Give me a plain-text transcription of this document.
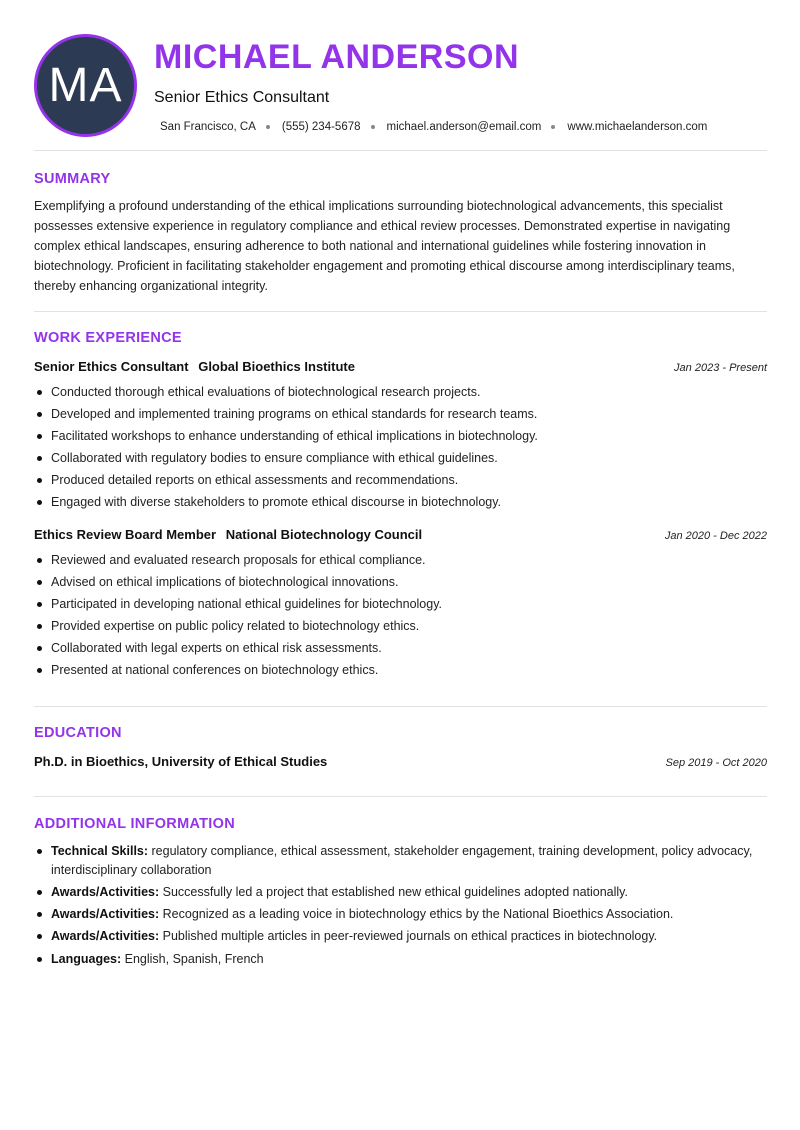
MA
MICHAEL ANDERSON
Senior Ethics Consultant
San Francisco, CA (555) 234-5678 michael.anderson@email.com www.michaelanderson.com
SUMMARY

Exemplifying a profound understanding of the ethical implications surrounding biotechnological advancements, this specialist possesses extensive experience in regulatory compliance and ethical review processes. Demonstrated expertise in navigating complex ethical landscapes, ensuring adherence to both national and international guidelines while fostering innovation in biotechnology. Proficient in facilitating stakeholder engagement and promoting ethical discourse among interdisciplinary teams, thereby enhancing organizational integrity.

WORK EXPERIENCE
Senior Ethics Consultant Global Bioethics Institute	Jan 2023 - Present
Conducted thorough ethical evaluations of biotechnological research projects.
Developed and implemented training programs on ethical standards for research teams.
Facilitated workshops to enhance understanding of ethical implications in biotechnology.
Collaborated with regulatory bodies to ensure compliance with ethical guidelines.
Produced detailed reports on ethical assessments and recommendations.
Engaged with diverse stakeholders to promote ethical discourse in biotechnology.
Ethics Review Board Member National Biotechnology Council	Jan 2020 - Dec 2022
Reviewed and evaluated research proposals for ethical compliance.
Advised on ethical implications of biotechnological innovations.
Participated in developing national ethical guidelines for biotechnology.
Provided expertise on public policy related to biotechnology ethics.
Collaborated with legal experts on ethical risk assessments.
Presented at national conferences on biotechnology ethics.
EDUCATION
Ph.D. in Bioethics, University of Ethical Studies	Sep 2019 - Oct 2020
ADDITIONAL INFORMATION
Technical Skills: regulatory compliance, ethical assessment, stakeholder engagement, training development, policy advocacy, interdisciplinary collaboration
Awards/Activities: Successfully led a project that established new ethical guidelines adopted nationally.
Awards/Activities: Recognized as a leading voice in biotechnology ethics by the National Bioethics Association.
Awards/Activities: Published multiple articles in peer-reviewed journals on ethical practices in biotechnology.
Languages: English, Spanish, French
